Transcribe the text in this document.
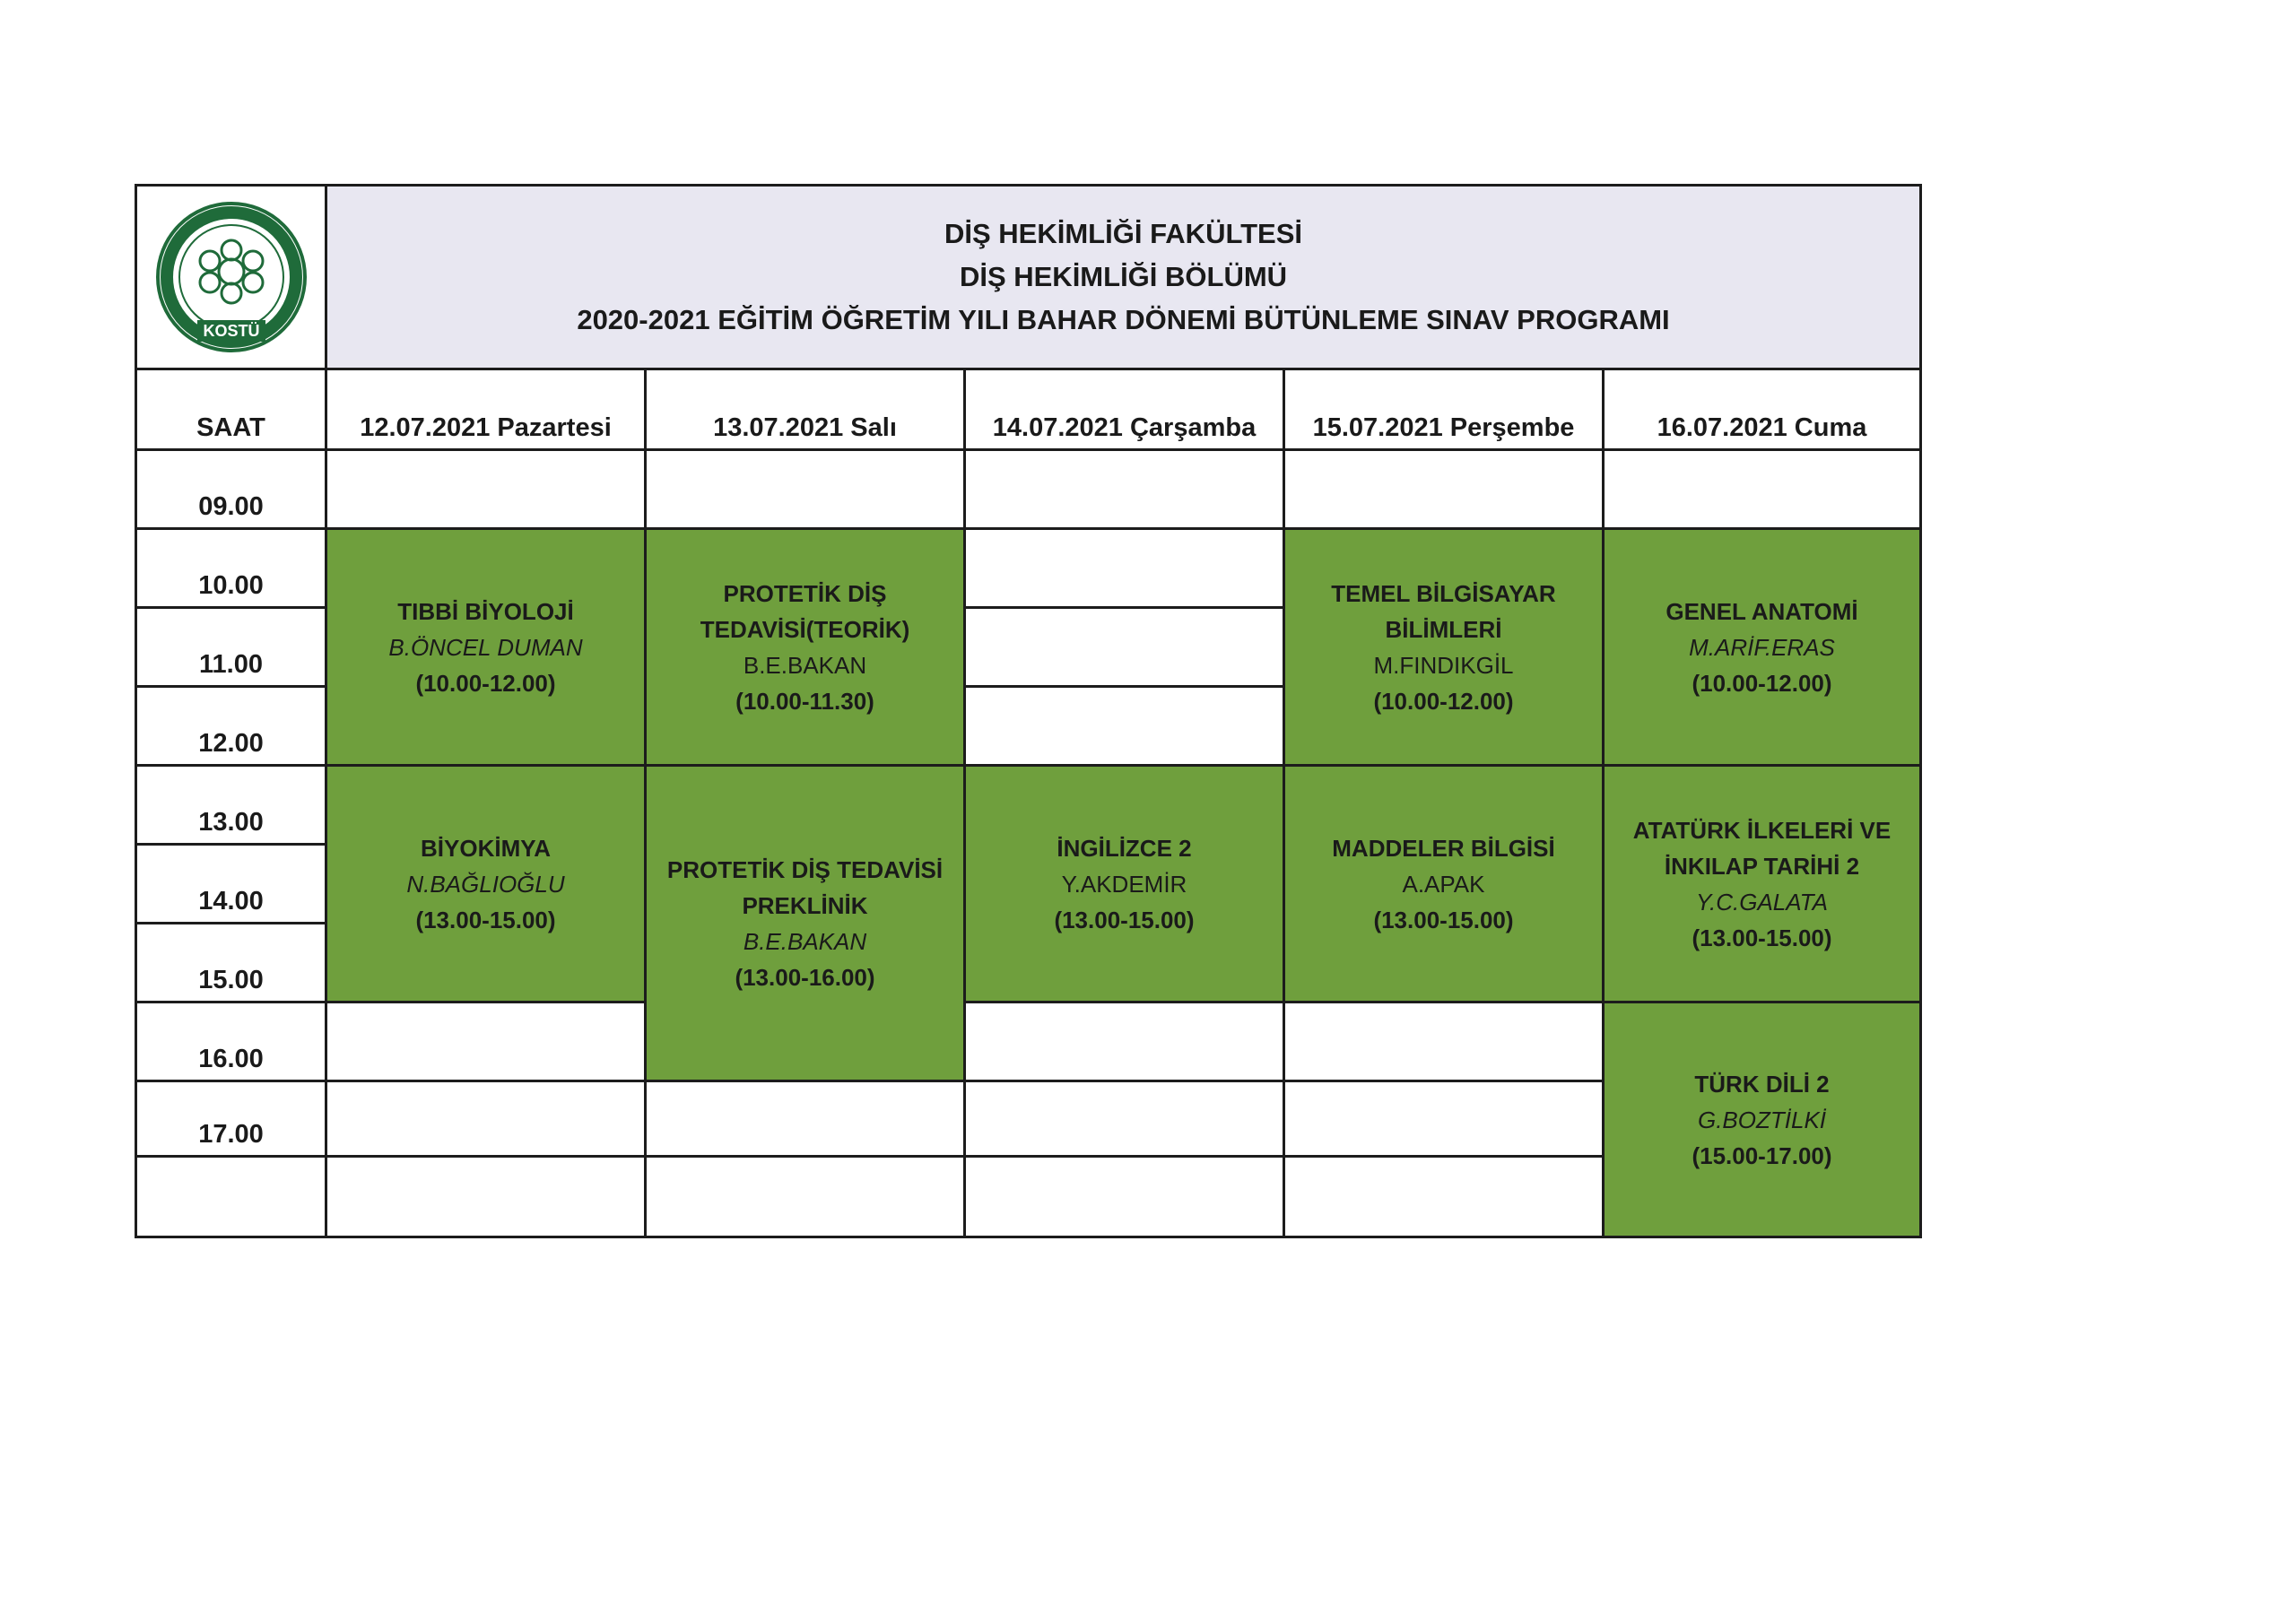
KOSTÜ	DİŞ HEKİMLİĞİ FAKÜLTESİ
DİŞ HEKİMLİĞİ BÖLÜMÜ
2020-2021 EĞİTİM ÖĞRETİM YILI BAHAR DÖNEMİ BÜTÜNLEME SINAV PROGRAMI				

SAAT	12.07.2021 Pazartesi	13.07.2021 Salı	14.07.2021 Çarşamba	15.07.2021 Perşembe	16.07.2021 Cuma
09.00					
10.00	TIBBİ BİYOLOJİ
B.ÖNCEL DUMAN
(10.00-12.00)	PROTETİK DİŞ TEDAVİSİ(TEORİK)
B.E.BAKAN
(10.00-11.30)		TEMEL BİLGİSAYAR BİLİMLERİ
M.FINDIKGİL
(10.00-12.00)	GENEL ANATOMİ
M.ARİF.ERAS
(10.00-12.00)

11.00					
12.00					
13.00	BİYOKİMYA
N.BAĞLIOĞLU
(13.00-15.00)	PROTETİK DİŞ TEDAVİSİ PREKLİNİK
B.E.BAKAN
(13.00-16.00)	İNGİLİZCE 2
Y.AKDEMİR
(13.00-15.00)	MADDELER BİLGİSİ
A.APAK
(13.00-15.00)	ATATÜRK İLKELERİ VE İNKILAP TARİHİ 2
Y.C.GALATA
(13.00-15.00)

14.00					
15.00					
16.00					TÜRK DİLİ 2
G.BOZTİLKİ
(15.00-17.00)

17.00					
